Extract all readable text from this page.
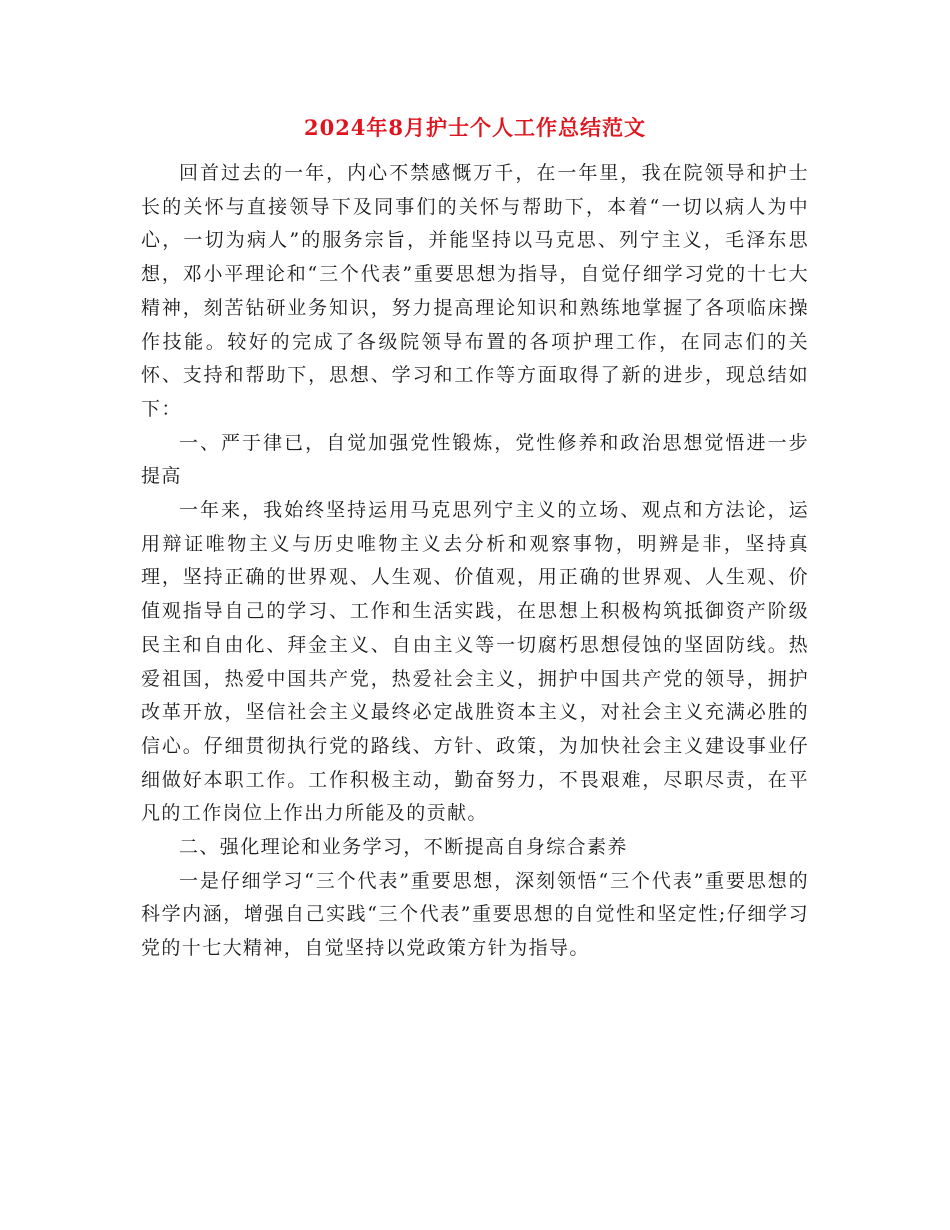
2024年8月护士个人工作总结范文

回首过去的一年，内心不禁感慨万千，在一年里，我在院领导和护士长的关怀与直接领导下及同事们的关怀与帮助下，本着“一切以病人为中心，一切为病人”的服务宗旨，并能坚持以马克思、列宁主义，毛泽东思想，邓小平理论和“三个代表”重要思想为指导，自觉仔细学习党的十七大精神，刻苦钻研业务知识，努力提高理论知识和熟练地掌握了各项临床操作技能。较好的完成了各级院领导布置的各项护理工作，在同志们的关怀、支持和帮助下，思想、学习和工作等方面取得了新的进步，现总结如下：

一、严于律已，自觉加强党性锻炼，党性修养和政治思想觉悟进一步提高

一年来，我始终坚持运用马克思列宁主义的立场、观点和方法论，运用辩证唯物主义与历史唯物主义去分析和观察事物，明辨是非，坚持真理，坚持正确的世界观、人生观、价值观，用正确的世界观、人生观、价值观指导自己的学习、工作和生活实践，在思想上积极构筑抵御资产阶级民主和自由化、拜金主义、自由主义等一切腐朽思想侵蚀的坚固防线。热爱祖国，热爱中国共产党，热爱社会主义，拥护中国共产党的领导，拥护改革开放，坚信社会主义最终必定战胜资本主义，对社会主义充满必胜的信心。仔细贯彻执行党的路线、方针、政策，为加快社会主义建设事业仔细做好本职工作。工作积极主动，勤奋努力，不畏艰难，尽职尽责，在平凡的工作岗位上作出力所能及的贡献。

二、强化理论和业务学习，不断提高自身综合素养

一是仔细学习“三个代表”重要思想，深刻领悟“三个代表”重要思想的科学内涵，增强自己实践“三个代表”重要思想的自觉性和坚定性;仔细学习党的十七大精神，自觉坚持以党政策方针为指导。
